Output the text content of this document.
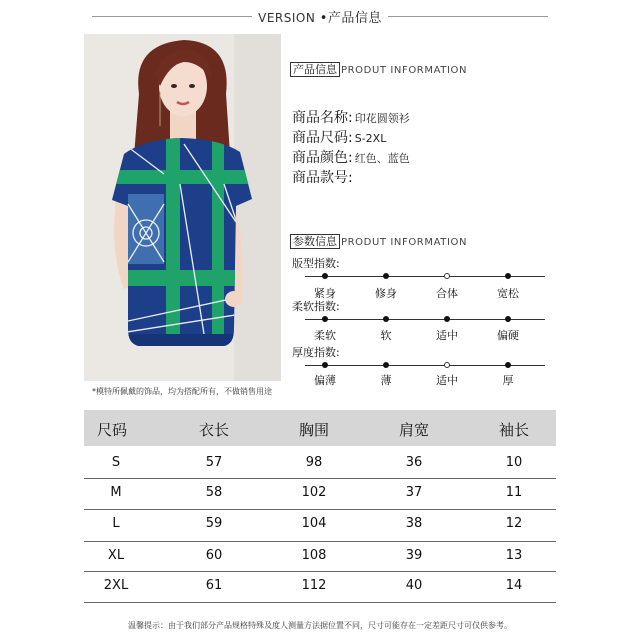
VERSION •产品信息
*模特所佩戴的饰品，均为搭配所有，不做销售用途
产品信息 PRODUT INFORMATION
商品名称: 印花圆领衫
商品尺码: S-2XL
商品颜色: 红色、蓝色
商品款号:
参数信息 PRODUT INFORMATION
版型指数:
紧身	修身	合体	宽松
柔软指数:
柔软	软	适中	偏硬
厚度指数:
偏薄	薄	适中	厚
尺码	衣长	胸围	肩宽	袖长
S	57	98	36	10
M	58	102	37	11
L	59	104	38	12
XL	60	108	39	13
2XL	61	112	40	14
温馨提示：由于我们部分产品规格特殊及度人测量方法据位置不同，尺寸可能存在一定差距尺寸可仅供参考。
